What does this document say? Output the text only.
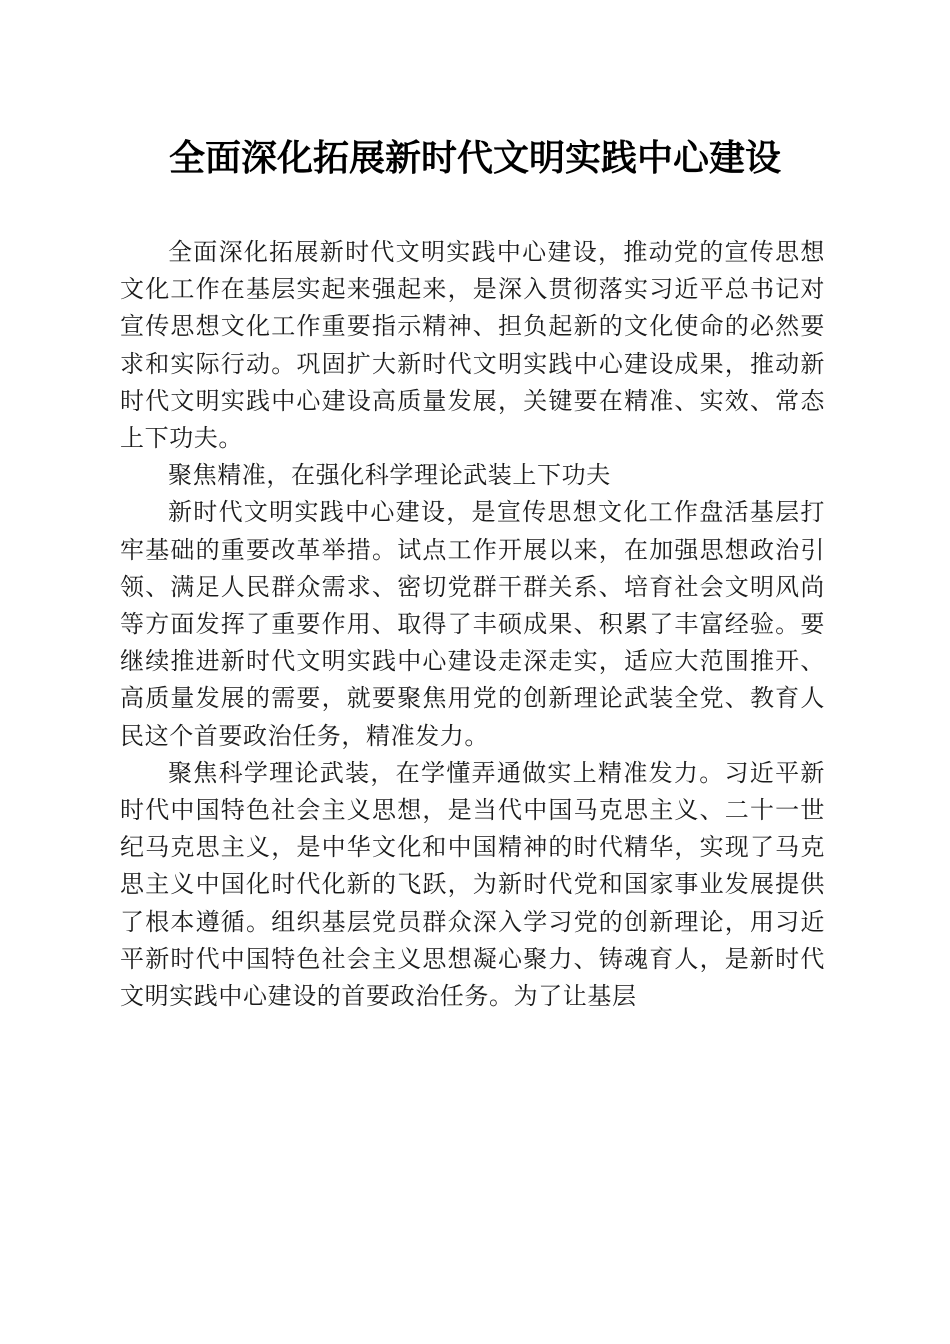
全面深化拓展新时代文明实践中心建设

全面深化拓展新时代文明实践中心建设，推动党的宣传思想文化工作在基层实起来强起来，是深入贯彻落实习近平总书记对宣传思想文化工作重要指示精神、担负起新的文化使命的必然要求和实际行动。巩固扩大新时代文明实践中心建设成果，推动新时代文明实践中心建设高质量发展，关键要在精准、实效、常态上下功夫。

聚焦精准，在强化科学理论武装上下功夫

新时代文明实践中心建设，是宣传思想文化工作盘活基层打牢基础的重要改革举措。试点工作开展以来，在加强思想政治引领、满足人民群众需求、密切党群干群关系、培育社会文明风尚等方面发挥了重要作用、取得了丰硕成果、积累了丰富经验。要继续推进新时代文明实践中心建设走深走实，适应大范围推开、高质量发展的需要，就要聚焦用党的创新理论武装全党、教育人民这个首要政治任务，精准发力。

聚焦科学理论武装，在学懂弄通做实上精准发力。习近平新时代中国特色社会主义思想，是当代中国马克思主义、二十一世纪马克思主义，是中华文化和中国精神的时代精华，实现了马克思主义中国化时代化新的飞跃，为新时代党和国家事业发展提供了根本遵循。组织基层党员群众深入学习党的创新理论，用习近平新时代中国特色社会主义思想凝心聚力、铸魂育人，是新时代文明实践中心建设的首要政治任务。为了让基层
